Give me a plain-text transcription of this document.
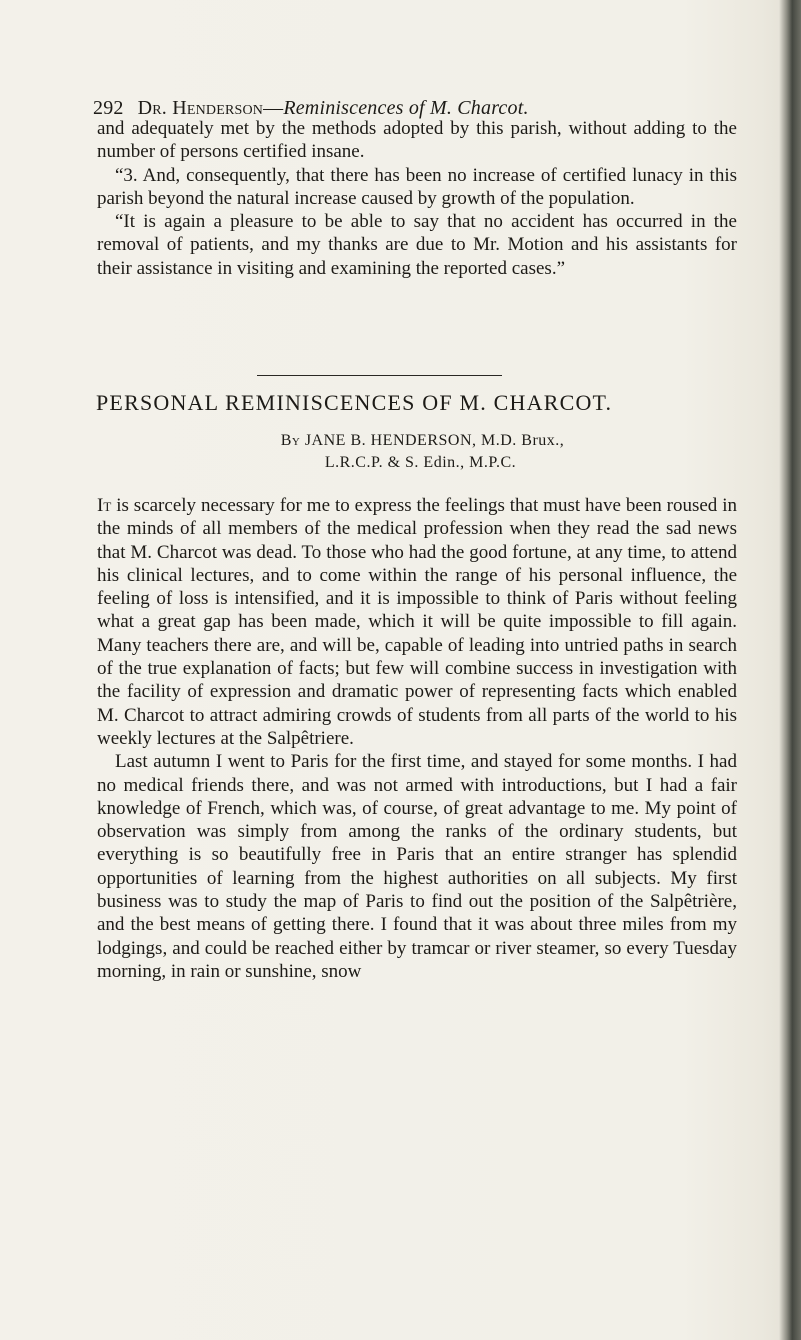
292 Dr. Henderson—Reminiscences of M. Charcot.

and adequately met by the methods adopted by this parish, without adding to the number of persons certified insane.

“3. And, consequently, that there has been no increase of certified lunacy in this parish beyond the natural increase caused by growth of the population.

“It is again a pleasure to be able to say that no accident has occurred in the removal of patients, and my thanks are due to Mr. Motion and his assistants for their assistance in visiting and examining the reported cases.”

PERSONAL REMINISCENCES OF M. CHARCOT.

By JANE B. HENDERSON, M.D. Brux.,

L.R.C.P. & S. Edin., M.P.C.

It is scarcely necessary for me to express the feelings that must have been roused in the minds of all members of the medical profession when they read the sad news that M. Charcot was dead. To those who had the good fortune, at any time, to attend his clinical lectures, and to come within the range of his personal influence, the feeling of loss is intensified, and it is impossible to think of Paris without feeling what a great gap has been made, which it will be quite impossible to fill again. Many teachers there are, and will be, capable of leading into untried paths in search of the true explanation of facts; but few will combine success in investigation with the facility of expression and dramatic power of representing facts which enabled M. Charcot to attract admiring crowds of students from all parts of the world to his weekly lectures at the Salpêtriere.

Last autumn I went to Paris for the first time, and stayed for some months. I had no medical friends there, and was not armed with introductions, but I had a fair knowledge of French, which was, of course, of great advantage to me. My point of observation was simply from among the ranks of the ordinary students, but everything is so beautifully free in Paris that an entire stranger has splendid opportunities of learning from the highest authorities on all subjects. My first business was to study the map of Paris to find out the position of the Salpêtrière, and the best means of getting there. I found that it was about three miles from my lodgings, and could be reached either by tramcar or river steamer, so every Tuesday morning, in rain or sunshine, snow
